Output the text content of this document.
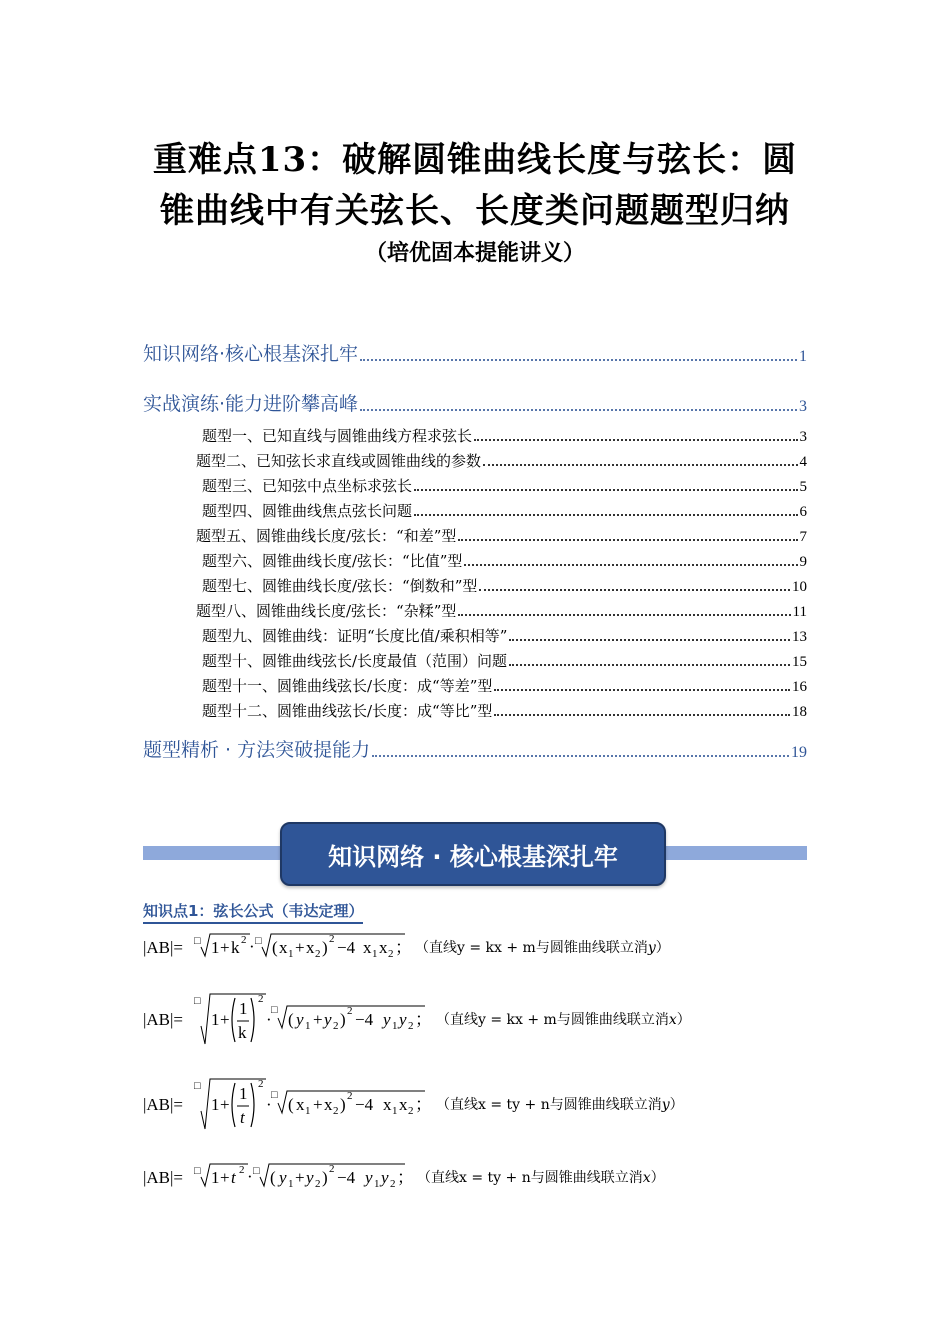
重难点13：破解圆锥曲线长度与弦长：圆
锥曲线中有关弦长、长度类问题题型归纳
（培优固本提能讲义）
知识网络·核心根基深扎牢	1
实战演练·能力进阶攀高峰	3
题型一、已知直线与圆锥曲线方程求弦长	3
题型二、已知弦长求直线或圆锥曲线的参数	4
题型三、已知弦中点坐标求弦长	5
题型四、圆锥曲线焦点弦长问题	6
题型五、圆锥曲线长度/弦长：“和差”型	7
题型六、圆锥曲线长度/弦长：“比值”型	9
题型七、圆锥曲线长度/弦长：“倒数和”型	10
题型八、圆锥曲线长度/弦长：“杂糅”型	11
题型九、圆锥曲线：证明“长度比值/乘积相等”	13
题型十、圆锥曲线弦长/长度最值（范围）问题	15
题型十一、圆锥曲线弦长/长度：成“等差”型	16
题型十二、圆锥曲线弦长/长度：成“等比”型	18
题型精析 · 方法突破提能力	19
知识网络 · 核心根基深扎牢
知识点1：弦长公式（韦达定理）
|AB|= □ 1 + k 2 · □ ( x 1 + x 2 ) 2 −4 x 1 x 2 ； （直线y = kx + m与圆锥曲线联立消y）
|AB|=
□
1 +
1
k
2
· □ ( y 1 + y 2 ) 2 −4 y 1 y 2 ； （直线y = kx + m与圆锥曲线联立消x）
|AB|=
□
1 +
1
t
2
· □ ( x 1 + x 2 ) 2 −4 x 1 x 2 ； （直线x = ty + n与圆锥曲线联立消y）
|AB|= □ 1 + t 2 · □ ( y 1 + y 2 ) 2 −4 y 1 y 2 ； （直线x = ty + n与圆锥曲线联立消x）
